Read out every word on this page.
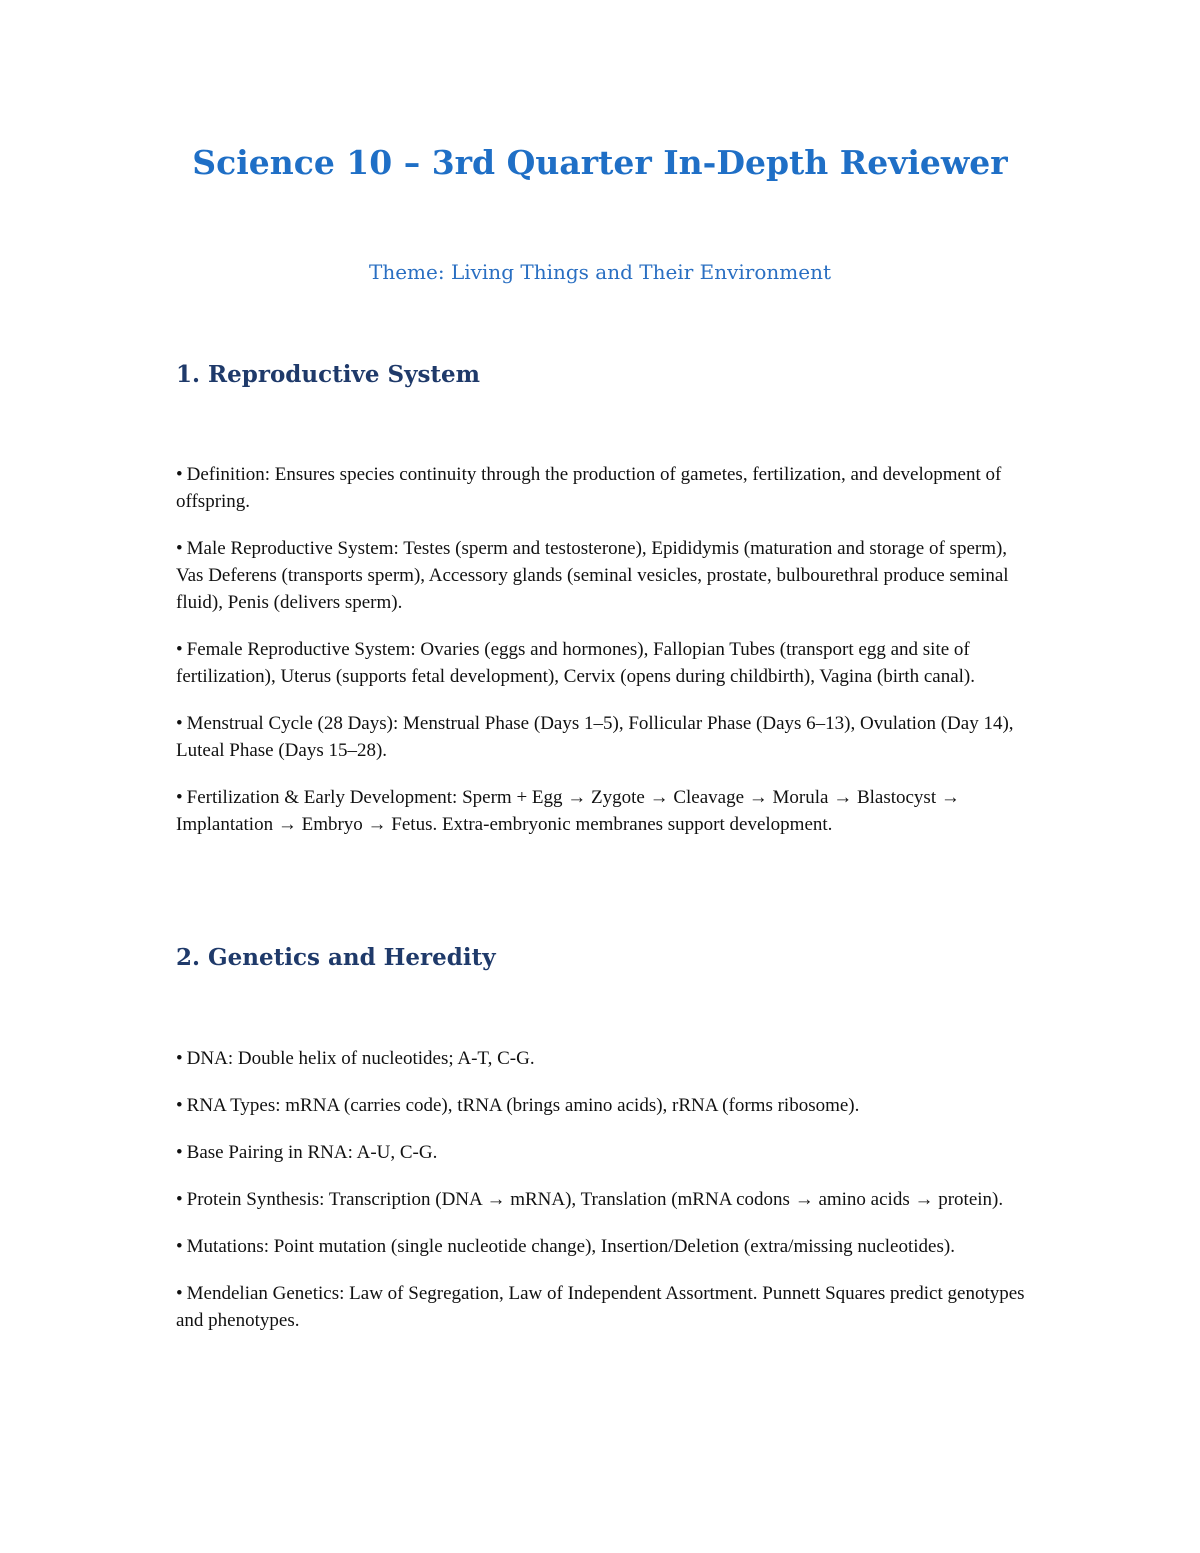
Science 10 – 3rd Quarter In-Depth Reviewer

Theme: Living Things and Their Environment

1. Reproductive System
• Definition: Ensures species continuity through the production of gametes, fertilization, and development of offspring.
• Male Reproductive System: Testes (sperm and testosterone), Epididymis (maturation and storage of sperm), Vas Deferens (transports sperm), Accessory glands (seminal vesicles, prostate, bulbourethral produce seminal fluid), Penis (delivers sperm).
• Female Reproductive System: Ovaries (eggs and hormones), Fallopian Tubes (transport egg and site of fertilization), Uterus (supports fetal development), Cervix (opens during childbirth), Vagina (birth canal).
• Menstrual Cycle (28 Days): Menstrual Phase (Days 1–5), Follicular Phase (Days 6–13), Ovulation (Day 14), Luteal Phase (Days 15–28).
• Fertilization & Early Development: Sperm + Egg → Zygote → Cleavage → Morula → Blastocyst → Implantation → Embryo → Fetus. Extra-embryonic membranes support development.
2. Genetics and Heredity
• DNA: Double helix of nucleotides; A-T, C-G.
• RNA Types: mRNA (carries code), tRNA (brings amino acids), rRNA (forms ribosome).
• Base Pairing in RNA: A-U, C-G.
• Protein Synthesis: Transcription (DNA → mRNA), Translation (mRNA codons → amino acids → protein).
• Mutations: Point mutation (single nucleotide change), Insertion/Deletion (extra/missing nucleotides).
• Mendelian Genetics: Law of Segregation, Law of Independent Assortment. Punnett Squares predict genotypes and phenotypes.
